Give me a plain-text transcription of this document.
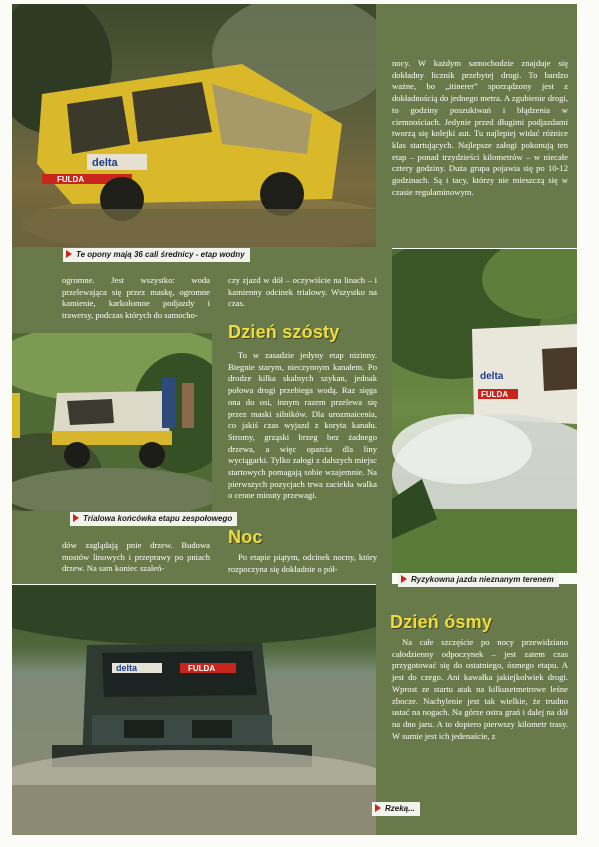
delta
FULDA
Te opony mają 36 cali średnicy - etap wodny

nocy. W każdym samochodzie znajduje się dokładny licznik przebytej drogi. To bardzo ważne, bo „itinerer” sporządzony jest z dokładnością do jednego metra. A zgubienie drogi, to godziny poszukiwań i błądzenia w ciemnościach. Jedynie przed długimi podjazdami tworzą się kolejki aut. Tu najlepiej widać różnice klas startujących. Najlepsze załogi pokonują ten etap – ponad trzydzieści kilometrów – w niecałe cztery godziny. Duża grupa pojawia się po 10-12 godzinach. Są i tacy, którzy nie mieszczą się w czasie regulaminowym.

ogromne. Jest wszystko: woda przelewająca się przez maskę, ogromne kamienie, karkołomne podjazdy i trawersy, podczas których do samocho-

Trialowa końcówka etapu zespołowego

dów zaglądają pnie drzew. Budowa mostów linowych i przeprawy po pniach drzew. Na sam koniec szaleń-

czy zjazd w dół – oczywiście na linach – i kamienny odcinek trialowy. Wszystko na czas.

Dzień szósty

To w zasadzie jedyny etap nizinny. Biegnie starym, nieczynnym kanałem. Po drodze kilka skalnych szykan, jednak połowa drogi przebiega wodą. Raz sięga ona do osi, innym razem przelewa się przez maski silników. Dla urozmaicenia, co jakiś czas wyjazd z koryta kanału. Stromy, grząski brzeg bez żadnego drzewa, a więc oparcia dla liny wyciągarki. Tylko załogi z dalszych miejsc startowych pomagają sobie wzajemnie. Na pierwszych pozycjach trwa zaciekła walka o cenne minuty przewagi.

Noc

Po etapie piątym, odcinek nocny, który rozpoczyna się dokładnie o pół-

delta
FULDA
Ryzykowna jazda nieznanym terenem
delta	FULDA
Rzeką...
Dzień ósmy

Na całe szczęście po nocy przewidziano całodzienny odpoczynek – jest zatem czas przygotować się do ostatniego, ósmego etapu. A jest do czego. Ani kawałka jakiejkolwiek drogi. Wprost ze startu atak na kilkusetmetrowe leśne zbocze. Nachylenie jest tak wielkie, że trudno ustać na nogach. Na górze ostra grań i dalej na dół na dno jaru. A to dopiero pierwszy kilometr trasy. W sumie jest ich jedenaście, z
